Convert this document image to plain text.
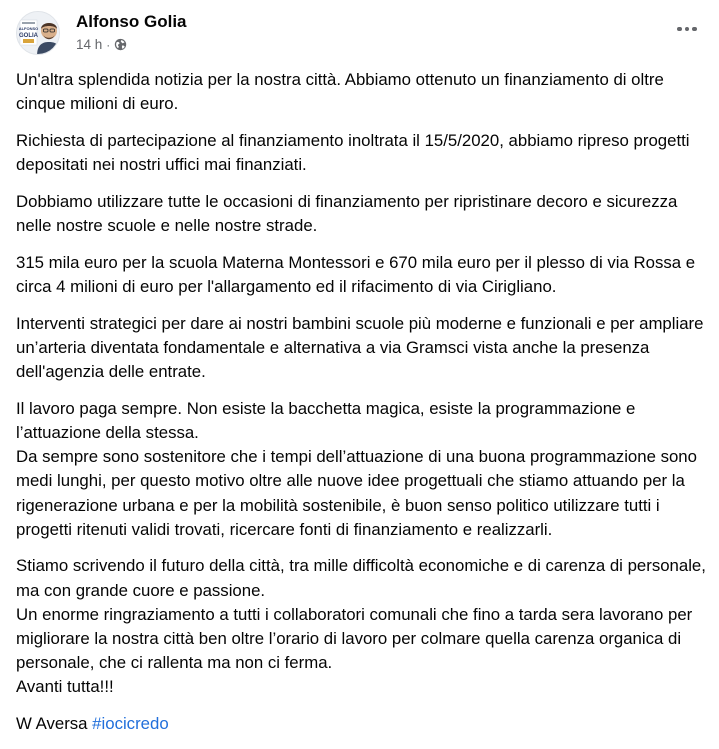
ALFONSO
GOLIA
Alfonso Golia
14 h ·

Un'altra splendida notizia per la nostra città. Abbiamo ottenuto un finanziamento di oltre cinque milioni di euro.

Richiesta di partecipazione al finanziamento inoltrata il 15/5/2020, abbiamo ripreso progetti depositati nei nostri uffici mai finanziati.

Dobbiamo utilizzare tutte le occasioni di finanziamento per ripristinare decoro e sicurezza nelle nostre scuole e nelle nostre strade.

315 mila euro per la scuola Materna Montessori e 670 mila euro per il plesso di via Rossa e circa 4 milioni di euro per l'allargamento ed il rifacimento di via Cirigliano.

Interventi strategici per dare ai nostri bambini scuole più moderne e funzionali e per ampliare un’arteria diventata fondamentale e alternativa a via Gramsci vista anche la presenza dell'agenzia delle entrate.

Il lavoro paga sempre. Non esiste la bacchetta magica, esiste la programmazione e l’attuazione della stessa.
Da sempre sono sostenitore che i tempi dell’attuazione di una buona programmazione sono medi lunghi, per questo motivo oltre alle nuove idee progettuali che stiamo attuando per la rigenerazione urbana e per la mobilità sostenibile, è buon senso politico utilizzare tutti i progetti ritenuti validi trovati, ricercare fonti di finanziamento e realizzarli.

Stiamo scrivendo il futuro della città, tra mille difficoltà economiche e di carenza di personale, ma con grande cuore e passione.
Un enorme ringraziamento a tutti i collaboratori comunali che fino a tarda sera lavorano per migliorare la nostra città ben oltre l’orario di lavoro per colmare quella carenza organica di personale, che ci rallenta ma non ci ferma.
Avanti tutta!!!

W Aversa #iocicredo
